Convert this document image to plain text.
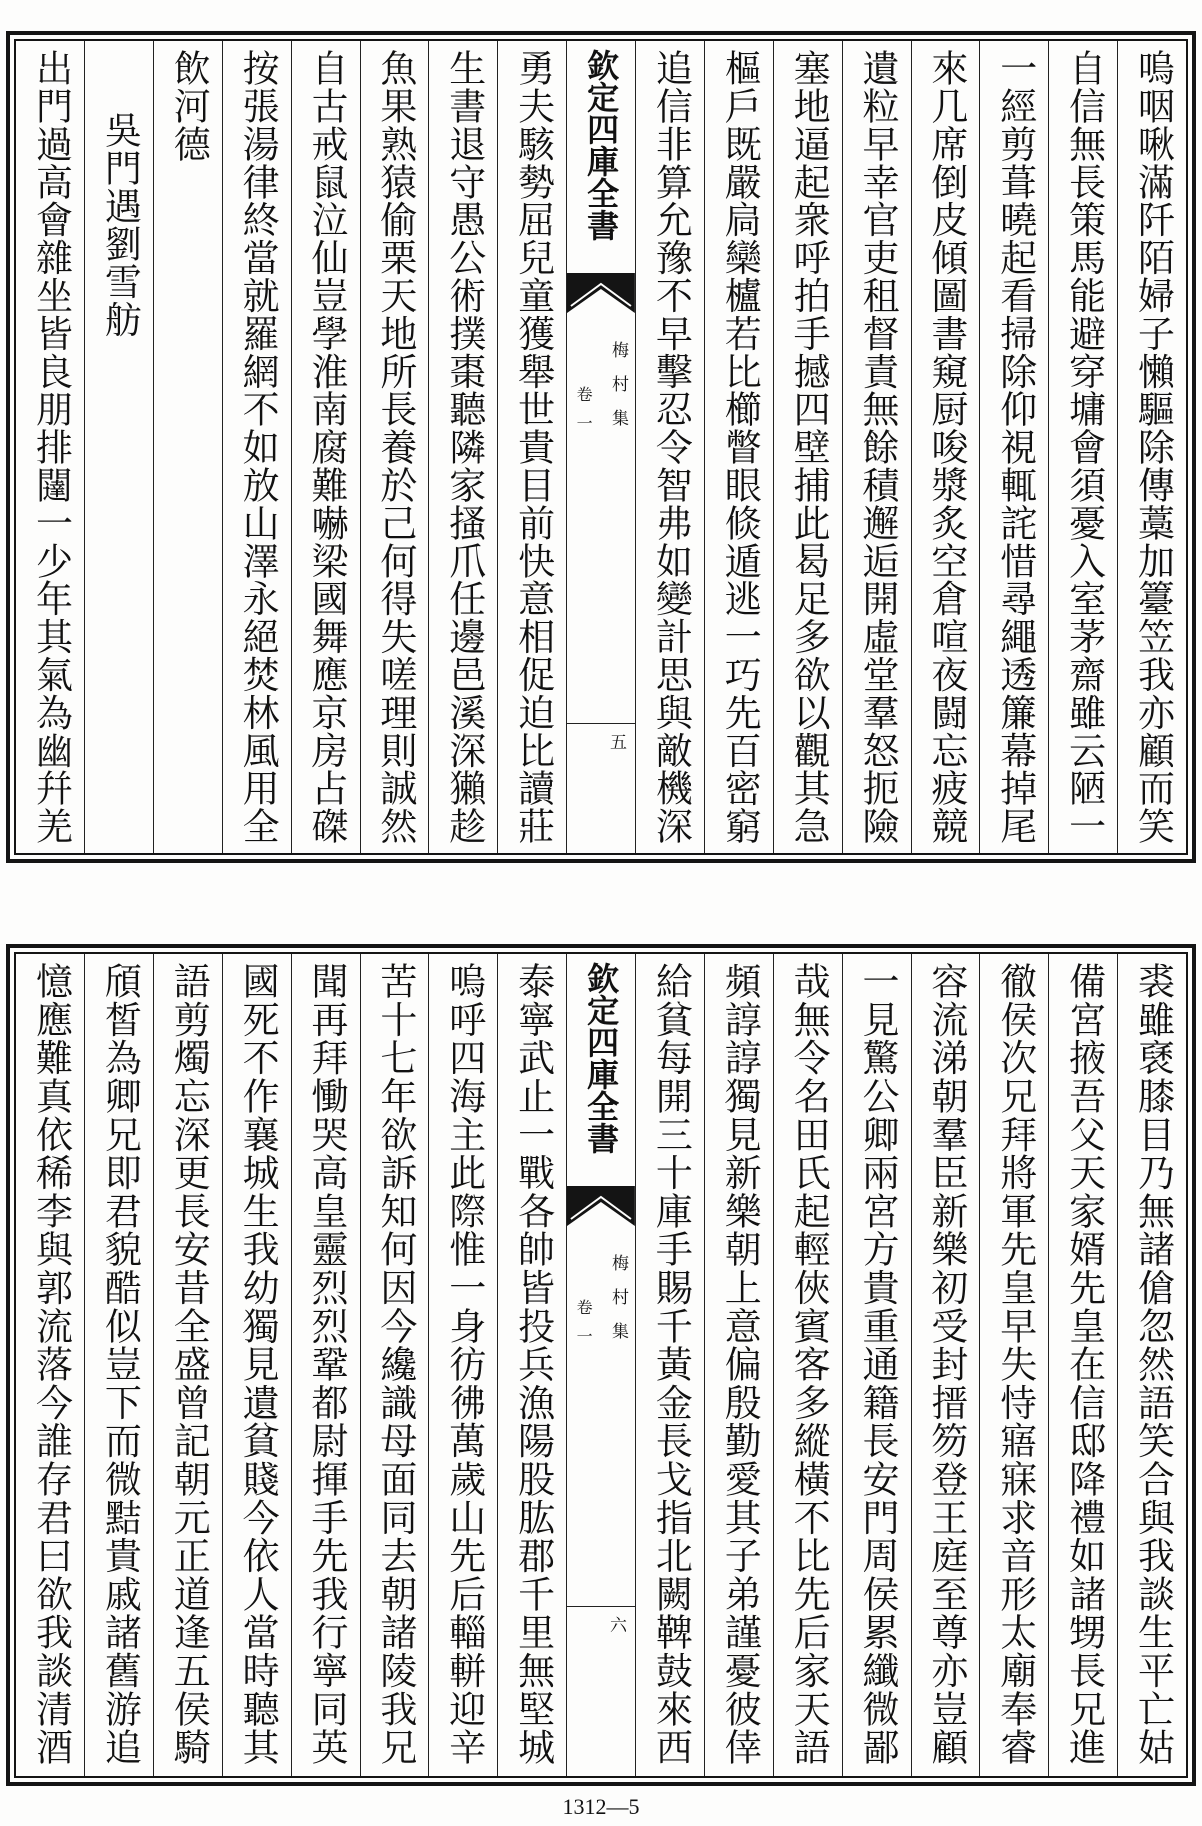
嗚咽啾滿阡陌婦子懶驅除傳藁加籉笠我亦顧而笑
自信無長策馬能避穿墉會須憂入室茅齋雖云陋一
一經剪葺曉起看掃除仰視輒詫惜尋繩透簾幕掉尾
來几席倒皮傾圖書窺厨唆漿炙空倉喧夜闘忘疲競
遺粒早幸官吏租督責無餘積邂逅開虛堂羣怒扼險
塞地逼起衆呼拍手撼四壁捕此曷足多欲以觀其急
樞戶既嚴扃欒櫨若比櫛瞥眼倐遁逃一巧先百密窮
追信非算允豫不早擊忍令智弗如變計思與敵機深
欽定四庫全書
梅村集
卷一
五
勇夫駭勢屈兒童獲舉世貴目前快意相促迫比讀莊
生書退守愚公術撲棗聽隣家搔爪任邊邑溪深獺趁
魚果熟猿偷栗天地所長養於己何得失嗟理則誠然
自古戒鼠泣仙豈學淮南腐難嚇梁國舞應京房占磔
按張湯律終當就羅網不如放山澤永絕焚林風用全
飲河德
吳門遇劉雪舫
出門過高會雜坐皆良朋排闥一少年其氣為幽幷羌
裘雖褎膝目乃無諸傖忽然語笑合與我談生平亡姑
備宮掖吾父天家婿先皇在信邸降禮如諸甥長兄進
徹侯次兄拜將軍先皇早失恃寤寐求音形太廟奉睿
容流涕朝羣臣新樂初受封搢笏登王庭至尊亦豈顧
一見驚公卿兩宮方貴重通籍長安門周侯累纖微鄙
哉無令名田氏起輕俠賓客多縱橫不比先后家天語
頻諄諄獨見新樂朝上意偏殷勤愛其子弟謹憂彼倖
給貧每開三十庫手賜千黃金長戈指北闕鞞鼓來西
欽定四庫全書
梅村集
卷一
六
泰寧武止一戰各帥皆投兵漁陽股肱郡千里無堅城
嗚呼四海主此際惟一身彷彿萬歲山先后輜軿迎辛
苦十七年欲訴知何因今纔識母面同去朝諸陵我兄
聞再拜慟哭高皇靈烈烈鞏都尉揮手先我行寧同英
國死不作襄城生我幼獨見遺貧賤今依人當時聽其
語剪燭忘深更長安昔全盛曾記朝元正道逢五侯騎
頎皙為卿兄即君貌酷似豈下而微黠貴戚諸舊游追
憶應難真依稀李與郭流落今誰存君曰欲我談清酒
1312—5
